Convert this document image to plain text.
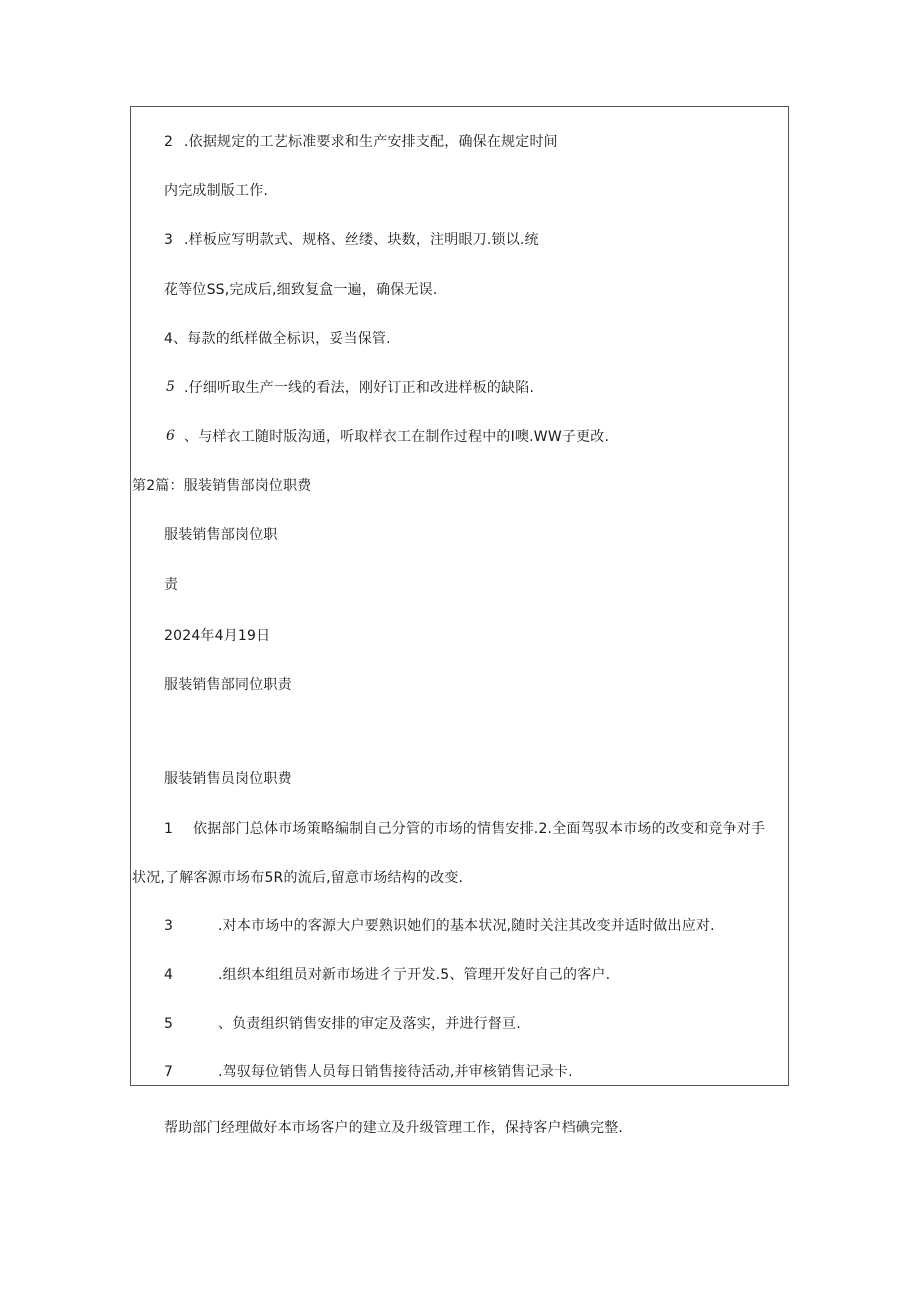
2 .依据规定的工艺标准要求和生产安排支配，确保在规定时间
内完成制版工作.
3 .样板应写明款式、规格、丝缕、块数，注明眼刀.锁以.统
花等位SS,完成后,细致复盒一遍，确保无误.
4、每款的纸样做全标识，妥当保管.
5 .仔细听取生产一线的看法，刚好订正和改进样板的缺陷.
6 、与样衣工随时版沟通，听取样衣工在制作过程中的I噢.WW子更改.
第2篇：服装销售部岗位职费
服装销售部岗位职
责
2024年4月19日
服装销售部同位职责
服装销售员岗位职费
1 依据部门总体市场策略编制自己分管的市场的情售安排.2.全面驾驭本市场的改变和竞争对手
状况,了解客源市场布5R的流后,留意市场结构的改变.
3	.对本市场中的客源大户要熟识她们的基本状况,随时关注其改变并适时做出应对.
4	.组织本组组员对新市场进彳亍开发.5、管理开发好自己的客户.
5	、负责组织销售安排的审定及落实，并进行督亘.
7	.驾驭每位销售人员每日销售接待活动,并审核销售记录卡.
帮助部门经理做好本市场客户的建立及升级管理工作，保持客户档碘完整.
